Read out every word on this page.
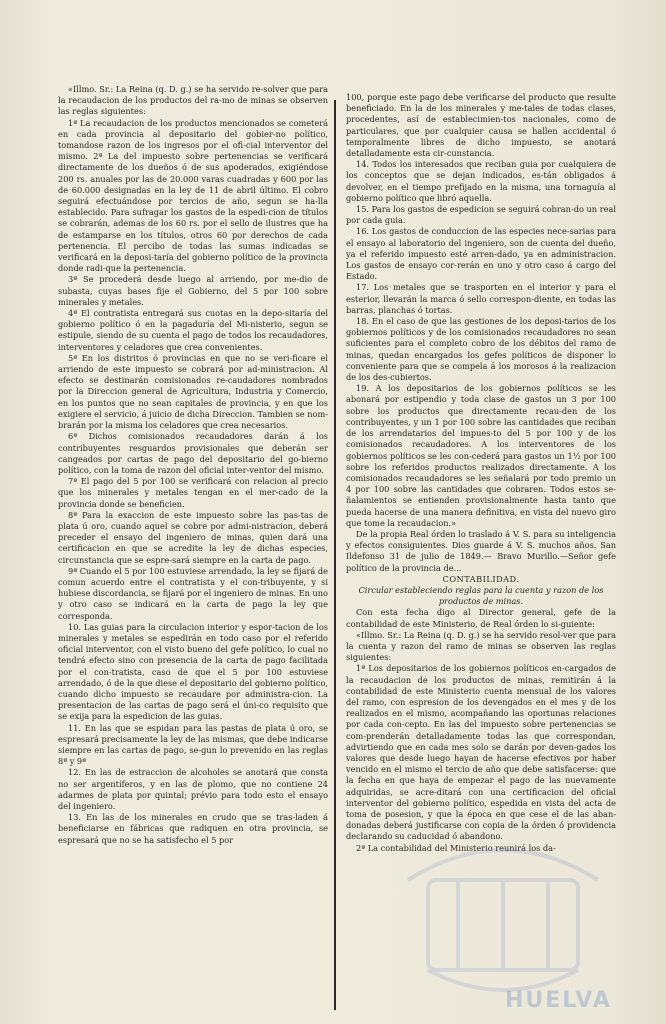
«Illmo. Sr.: La Reina (q. D. g.) se ha servido re-solver que para la recaudacion de los productos del ra-mo de minas se observen las reglas siguientes:

1ª La recaudacion de los productos mencionados se cometerá en cada provincia al depositario del gobier-no político, tomandose razon de los ingresos por el ofi-cial interventor del mismo. 2ª La del impuesto sobre pertenencias se verificará directamente de los dueños ó de sus apoderados, exigiéndose 200 rs. anuales por las de 20.000 varas cuadradas y 600 por las de 60.000 designadas en la ley de 11 de abril último. El cobro seguirá efectuándose por tercios de año, segun se ha-lla establecido. Para sufragar los gastos de la espedi-cion de títulos se cobrarán, ademas de los 60 rs. por el sello de ilustres que ha de estamparse en los títulos, otros 60 por derechos de cada pertenencia. El percibo de todas las sumas indicadas se verificará en la deposi-taría del gobierno político de la provincia donde radi-que la pertenencia.

3ª Se procederá desde luego al arriendo, por me-dio de subasta, cuyas bases fije el Gobierno, del 5 por 100 sobre minerales y metales.

4ª El contratista entregará sus cuotas en la depo-sitaría del gobierno político ó en la pagaduría del Mi-nisterio, segun se estipule, siendo de su cuenta el pago de todos los recaudadores, interventores y celadores que crea convenientes.

5ª En los distritos ó provincias en que no se veri-ficare el arriendo de este impuesto se cobrará por ad-ministracion. Al efecto se destinarán comisionados re-caudadores nombrados por la Direccion general de Agricultura, Industria y Comercio, en los puntos que no sean capitales de provincia, y en que los exigiere el servicio, á juicio de dicha Direccion. Tambien se nom-brarán por la misma los celadores que crea necesarios.

6ª Dichos comisionados recaudadores darán á los contribuyentes resguardos provisionales que deberán ser cangeados por cartas de pago del depositario del go-bierno político, con la toma de razon del oficial inter-ventor del mismo.

7ª El pago del 5 por 100 se verificará con relacion al precio que los minerales y metales tengan en el mer-cado de la provincia donde se beneficien.

8ª Para la exaccion de este impuesto sobre las pas-tas de plata ú oro, cuando aquel se cobre por admi-nistracion, deberá preceder el ensayo del ingeniero de minas, quien dará una certificacion en que se acredite la ley de dichas especies, circunstancia que se espre-sará siempre en la carta de pago.

9ª Cuando el 5 por 100 estuviese arrendado, la ley se fijará de comun acuerdo entre el contratista y el con-tribuyente, y si hubiese discordancia, se fijará por el ingeniero de minas. En uno y otro caso se indicará en la carta de pago la ley que corresponda.

10. Las guias para la circulacion interior y espor-tacion de los minerales y metales se espedirán en todo caso por el referido oficial interventor, con el visto bueno del gefe político, lo cual no tendrá efecto sino con presencia de la carta de pago facilitada por el con-tratista, caso de que el 5 por 100 estuviese arrendado, ó de la que diese el depositario del gobierno político, cuando dicho impuesto se recaudare por administra-cion. La presentacion de las cartas de pago será el úni-co requisito que se exija para la espedicion de las guias.

11. En las que se espidan para las pastas de plata ú oro, se espresará precisamente la ley de las mismas, que debe indicarse siempre en las cartas de pago, se-gun lo prevenido en las reglas 8ª y 9ª

12. En las de estraccion de alcoholes se anotará que consta no ser argentíferos, y en las de plomo, que no contiene 24 adarmes de plata por quintal; prévio para todo esto el ensayo del ingeniero.

13. En las de los minerales en crudo que se tras-laden á beneficiarse en fábricas que radiquen en otra provincia, se espresará que no se ha satisfecho el 5 por

100, porque este pago debe verificarse del producto que resulte beneficiado. En la de los minerales y me-tales de todas clases, procedentes, así de establecimien-tos nacionales, como de particulares, que por cualquier causa se hallen accidental ó temporalmente libres de dicho impuesto, se anotará detalladamente esta cir-cunstancia.

14. Todos los interesados que reciban guia por cualquiera de los conceptos que se dejan indicados, es-tán obligados á devolver, en el tiempo prefijado en la misma, una tornaguía al gobierno político que libró aquella.

15. Para los gastos de espedicion se seguirá cobran-do un real por cada guia.

16. Los gastos de conduccion de las especies nece-sarias para el ensayo al laboratorio del ingeniero, son de cuenta del dueño, ya el referido impuesto esté arren-dado, ya en administracion. Los gastos de ensayo cor-rerán en uno y otro caso á cargo del Estado.

17. Los metales que se trasporten en el interior y para el esterior, llevarán la marca ó sello correspon-diente, en todas las barras, planchas ó tortas.

18. En el caso de que las gestiones de los deposi-tarios de los gobiernos políticos y de los comisionados recaudadores no sean suficientes para el completo cobro de los débitos del ramo de minas, quedan encargados los gefes políticos de disponer lo conveniente para que se compela á los morosos á la realizacion de los des-cubiertos.

19. A los depositarios de los gobiernos políticos se les abonará por estipendio y toda clase de gastos un 3 por 100 sobre los productos que directamente recau-den de los contribuyentes, y un 1 por 100 sobre las cantidades que reciban de los arrendatarios del impues-to del 5 por 100 y de los comisionados recaudadores. A los interventores de los gobiernos políticos se les con-cederá para gastos un 1½ por 100 sobre los referidos productos realizados directamente. A los comisionados recaudadores se les señalará por todo premio un 4 por 100 sobre las cantidades que cobraren. Todos estos se-ñalamientos se entienden provisionalmente hasta tanto que pueda hacerse de una manera definitiva, en vista del nuevo giro que tome la recaudacion.»

De la propia Real órden lo traslado á V. S. para su inteligencia y efectos consiguientes. Dios guarde á V. S. muchos años. San Ildefonso 31 de julio de 1849.— Bravo Murillo.—Señor gefe político de la provincia de...

CONTABILIDAD.

Circular estableciendo reglas para la cuenta y razon de los productos de minas.

Con esta fecha digo al Director general, gefe de la contabilidad de este Ministerio, de Real órden lo si-guiente:

«Illmo. Sr.: La Reina (q. D. g.) se ha servido resol-ver que para la cuenta y razon del ramo de minas se observen las reglas siguientes:

1ª Los depositarios de los gobiernos políticos en-cargados de la recaudacion de los productos de minas, remitirán á la contabilidad de este Ministerio cuenta mensual de los valores del ramo, con espresion de los devengados en el mes y de los realizados en el mismo, acompañando las oportunas relaciones por cada con-cepto. En las del impuesto sobre pertenencias se com-prenderán detalladamente todas las que correspondan, advirtiendo que en cada mes solo se darán por deven-gados los valores que desde luego hayan de hacerse efectivos por haber vencido en el mismo el tercio de año que debe satisfacerse: que la fecha en que haya de empezar el pago de las nuevamente adquiridas, se acre-ditará con una certificacion del oficial interventor del gobierno político, espedida en vista del acta de toma de posesion, y que la época en que cese el de las aban-donadas deberá justificarse con copia de la órden ó providencia declarando su caducidad ó abandono.

2ª La contabilidad del Ministerio reunirá los da-

HUELVA
